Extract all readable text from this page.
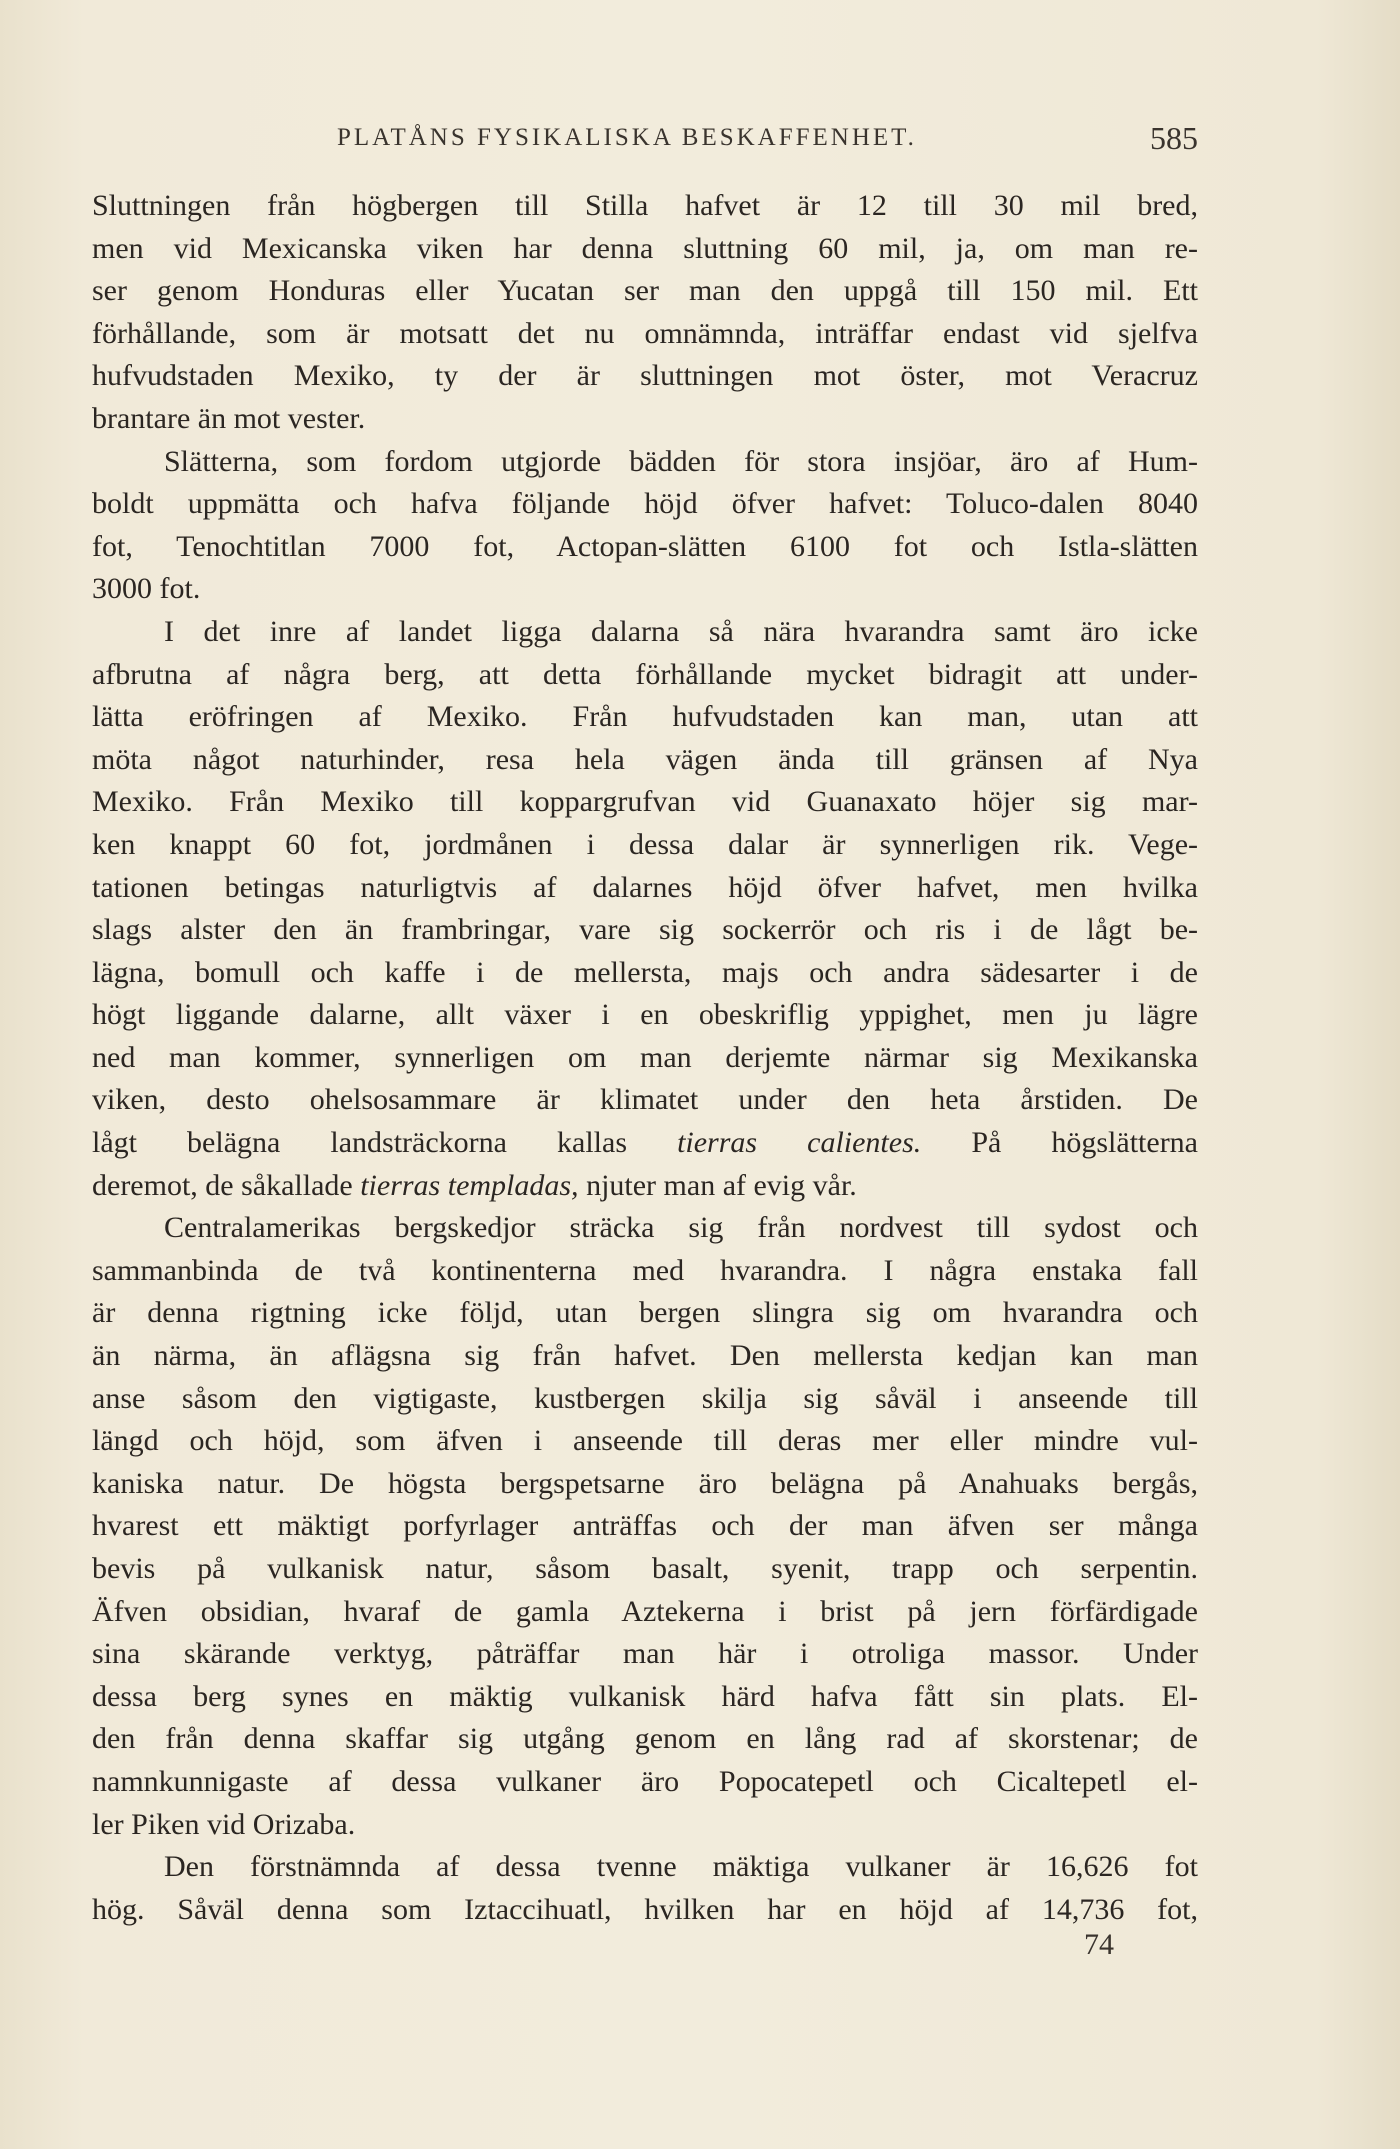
PLATÅNS FYSIKALISKA BESKAFFENHET.	585
Sluttningen från högbergen till Stilla hafvet är 12 till 30 mil bred,
men vid Mexicanska viken har denna sluttning 60 mil, ja, om man re-
ser genom Honduras eller Yucatan ser man den uppgå till 150 mil. Ett
förhållande, som är motsatt det nu omnämnda, inträffar endast vid sjelfva
hufvudstaden Mexiko, ty der är sluttningen mot öster, mot Veracruz
brantare än mot vester.
Slätterna, som fordom utgjorde bädden för stora insjöar, äro af Hum-
boldt uppmätta och hafva följande höjd öfver hafvet: Toluco-dalen 8040
fot, Tenochtitlan 7000 fot, Actopan-slätten 6100 fot och Istla-slätten
3000 fot.
I det inre af landet ligga dalarna så nära hvarandra samt äro icke
afbrutna af några berg, att detta förhållande mycket bidragit att under-
lätta eröfringen af Mexiko. Från hufvudstaden kan man, utan att
möta något naturhinder, resa hela vägen ända till gränsen af Nya
Mexiko. Från Mexiko till koppargrufvan vid Guanaxato höjer sig mar-
ken knappt 60 fot, jordmånen i dessa dalar är synnerligen rik. Vege-
tationen betingas naturligtvis af dalarnes höjd öfver hafvet, men hvilka
slags alster den än frambringar, vare sig sockerrör och ris i de lågt be-
lägna, bomull och kaffe i de mellersta, majs och andra sädesarter i de
högt liggande dalarne, allt växer i en obeskriflig yppighet, men ju lägre
ned man kommer, synnerligen om man derjemte närmar sig Mexikanska
viken, desto ohelsosammare är klimatet under den heta årstiden. De
lågt belägna landsträckorna kallas tierras calientes. På högslätterna
deremot, de såkallade tierras templadas, njuter man af evig vår.
Centralamerikas bergskedjor sträcka sig från nordvest till sydost och
sammanbinda de två kontinenterna med hvarandra. I några enstaka fall
är denna rigtning icke följd, utan bergen slingra sig om hvarandra och
än närma, än aflägsna sig från hafvet. Den mellersta kedjan kan man
anse såsom den vigtigaste, kustbergen skilja sig såväl i anseende till
längd och höjd, som äfven i anseende till deras mer eller mindre vul-
kaniska natur. De högsta bergspetsarne äro belägna på Anahuaks bergås,
hvarest ett mäktigt porfyrlager anträffas och der man äfven ser många
bevis på vulkanisk natur, såsom basalt, syenit, trapp och serpentin.
Äfven obsidian, hvaraf de gamla Aztekerna i brist på jern förfärdigade
sina skärande verktyg, påträffar man här i otroliga massor. Under
dessa berg synes en mäktig vulkanisk härd hafva fått sin plats. El-
den från denna skaffar sig utgång genom en lång rad af skorstenar; de
namnkunnigaste af dessa vulkaner äro Popocatepetl och Cicaltepetl el-
ler Piken vid Orizaba.
Den förstnämnda af dessa tvenne mäktiga vulkaner är 16,626 fot
hög. Såväl denna som Iztaccihuatl, hvilken har en höjd af 14,736 fot,
74
